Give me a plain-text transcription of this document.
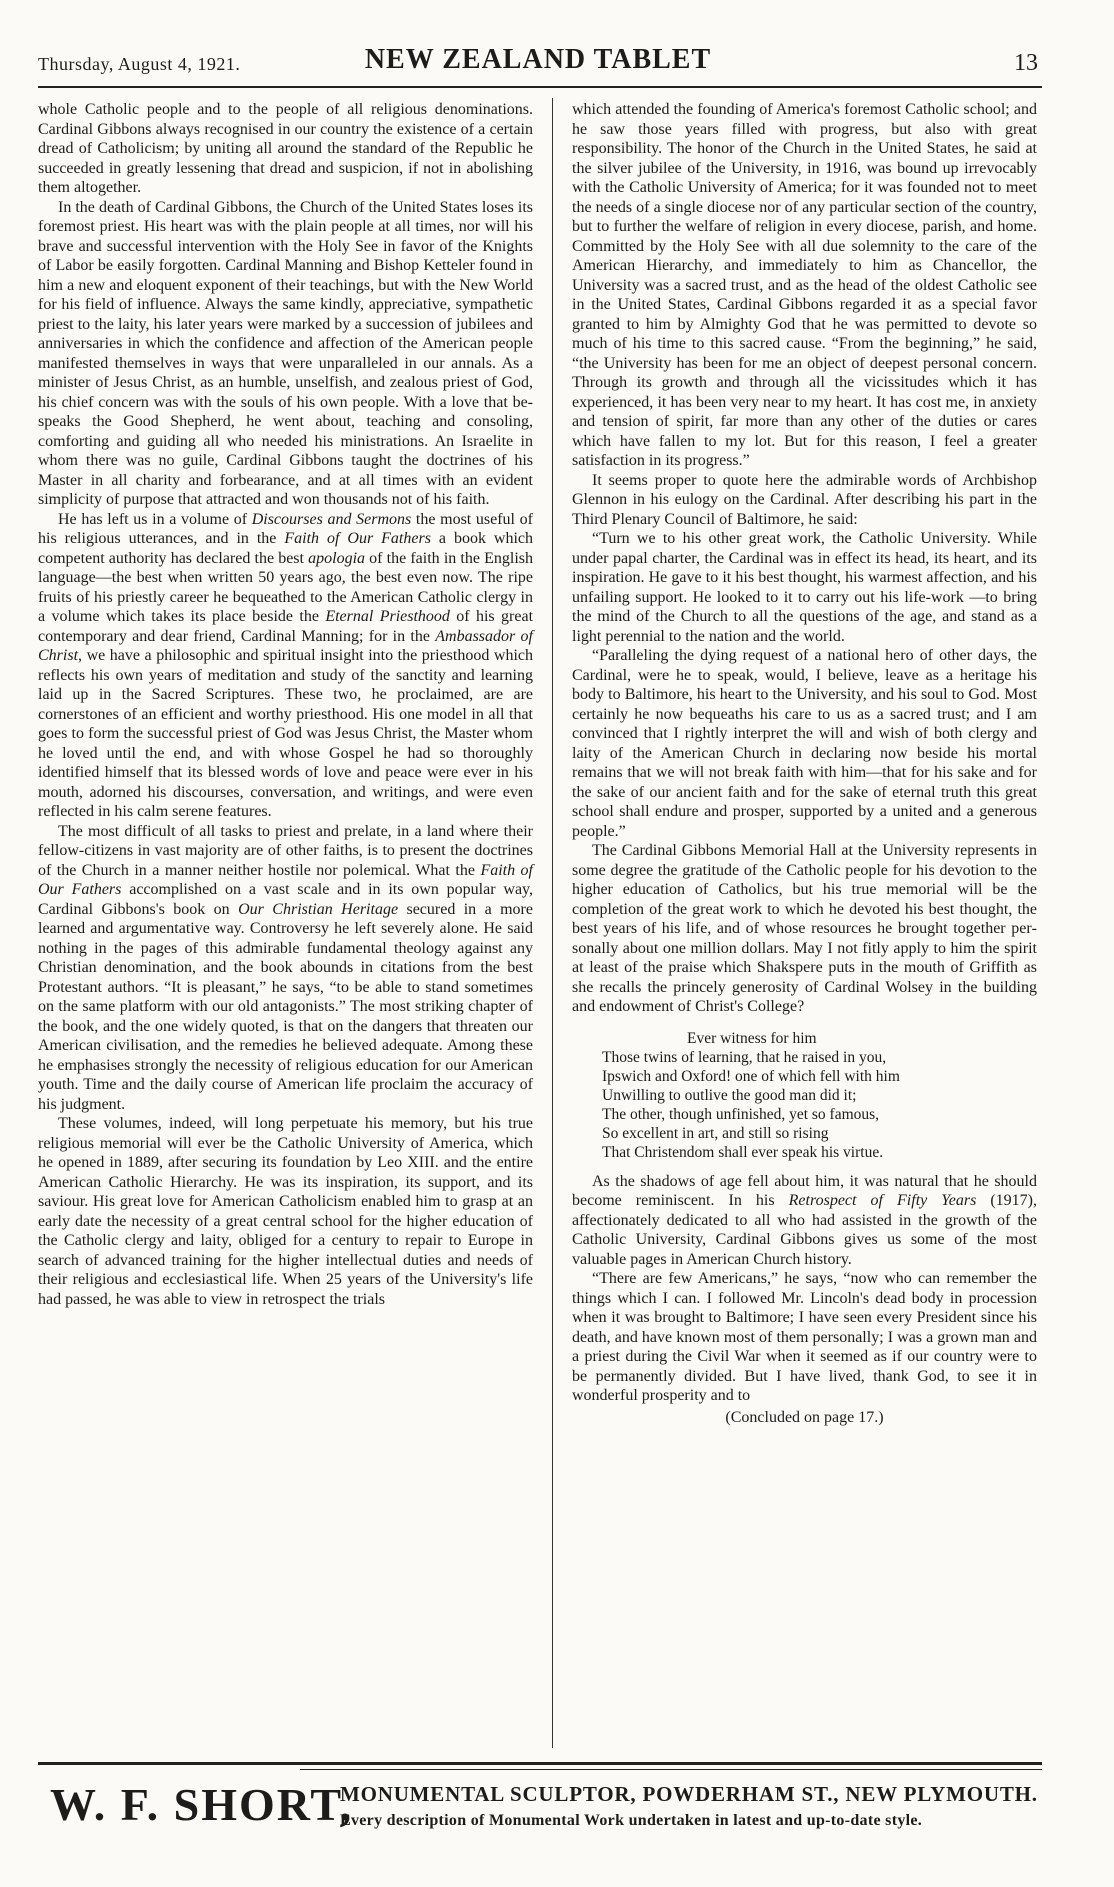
Thursday, August 4, 1921.	NEW ZEALAND TABLET	13

whole Catholic people and to the people of all religious denominations. Cardinal Gibbons always recognised in our country the existence of a certain dread of Catholicism; by uniting all around the standard of the Republic he succeeded in greatly lessening that dread and suspicion, if not in abolishing them altogether.

In the death of Cardinal Gibbons, the Church of the United States loses its foremost priest. His heart was with the plain people at all times, nor will his brave and successful intervention with the Holy See in favor of the Knights of Labor be easily forgotten. Cardinal Manning and Bishop Ketteler found in him a new and eloquent exponent of their teachings, but with the New World for his field of influence. Always the same kindly, appreciative, sympathetic priest to the laity, his later years were marked by a succession of jubilees and anniversaries in which the confidence and affection of the American people manifested themselves in ways that were unparalleled in our annals. As a minister of Jesus Christ, as an humble, unselfish, and zealous priest of God, his chief concern was with the souls of his own people. With a love that bespeaks the Good Shepherd, he went about, teaching and consoling, comforting and guiding all who needed his ministrations. An Israelite in whom there was no guile, Cardinal Gibbons taught the doctrines of his Master in all charity and forbearance, and at all times with an evident simplicity of purpose that attracted and won thousands not of his faith.

He has left us in a volume of Discourses and Sermons the most useful of his religious utterances, and in the Faith of Our Fathers a book which competent authority has declared the best apologia of the faith in the English language—the best when written 50 years ago, the best even now. The ripe fruits of his priestly career he bequeathed to the American Catholic clergy in a volume which takes its place beside the Eternal Priesthood of his great contemporary and dear friend, Cardinal Manning; for in the Ambassador of Christ, we have a philosophic and spiritual insight into the priesthood which reflects his own years of meditation and study of the sanctity and learning laid up in the Sacred Scriptures. These two, he proclaimed, are are cornerstones of an efficient and worthy priesthood. His one model in all that goes to form the successful priest of God was Jesus Christ, the Master whom he loved until the end, and with whose Gospel he had so thoroughly identified himself that its blessed words of love and peace were ever in his mouth, adorned his discourses, conversation, and writings, and were even reflected in his calm serene features.

The most difficult of all tasks to priest and prelate, in a land where their fellow-citizens in vast majority are of other faiths, is to present the doctrines of the Church in a manner neither hostile nor polemical. What the Faith of Our Fathers accomplished on a vast scale and in its own popular way, Cardinal Gibbons's book on Our Christian Heritage secured in a more learned and argumentative way. Controversy he left severely alone. He said nothing in the pages of this admirable fundamental theology against any Christian denomination, and the book abounds in citations from the best Protestant authors. “It is pleasant,” he says, “to be able to stand sometimes on the same platform with our old antagonists.” The most striking chapter of the book, and the one widely quoted, is that on the dangers that threaten our American civilisation, and the remedies he believed adequate. Among these he emphasises strongly the necessity of religious education for our American youth. Time and the daily course of American life proclaim the accuracy of his judgment.

These volumes, indeed, will long perpetuate his memory, but his true religious memorial will ever be the Catholic University of America, which he opened in 1889, after securing its foundation by Leo XIII. and the entire American Catholic Hierarchy. He was its inspiration, its support, and its saviour. His great love for American Catholicism enabled him to grasp at an early date the necessity of a great central school for the higher education of the Catholic clergy and laity, obliged for a century to repair to Europe in search of advanced training for the higher intellectual duties and needs of their religious and ecclesiastical life. When 25 years of the University's life had passed, he was able to view in retrospect the trials

which attended the founding of America's foremost Catholic school; and he saw those years filled with progress, but also with great responsibility. The honor of the Church in the United States, he said at the silver jubilee of the University, in 1916, was bound up irrevocably with the Catholic University of America; for it was founded not to meet the needs of a single diocese nor of any particular section of the country, but to further the welfare of religion in every diocese, parish, and home. Committed by the Holy See with all due solemnity to the care of the American Hierarchy, and immediately to him as Chancellor, the University was a sacred trust, and as the head of the oldest Catholic see in the United States, Cardinal Gibbons regarded it as a special favor granted to him by Almighty God that he was permitted to devote so much of his time to this sacred cause. “From the beginning,” he said, “the University has been for me an object of deepest personal concern. Through its growth and through all the vicissitudes which it has experienced, it has been very near to my heart. It has cost me, in anxiety and tension of spirit, far more than any other of the duties or cares which have fallen to my lot. But for this reason, I feel a greater satisfaction in its progress.”

It seems proper to quote here the admirable words of Archbishop Glennon in his eulogy on the Cardinal. After describing his part in the Third Plenary Council of Baltimore, he said:

“Turn we to his other great work, the Catholic University. While under papal charter, the Cardinal was in effect its head, its heart, and its inspiration. He gave to it his best thought, his warmest affection, and his unfailing support. He looked to it to carry out his life-work —to bring the mind of the Church to all the questions of the age, and stand as a light perennial to the nation and the world.

“Paralleling the dying request of a national hero of other days, the Cardinal, were he to speak, would, I believe, leave as a heritage his body to Baltimore, his heart to the University, and his soul to God. Most certainly he now bequeaths his care to us as a sacred trust; and I am convinced that I rightly interpret the will and wish of both clergy and laity of the American Church in declaring now beside his mortal remains that we will not break faith with him—that for his sake and for the sake of our ancient faith and for the sake of eternal truth this great school shall endure and prosper, supported by a united and a generous people.”

The Cardinal Gibbons Memorial Hall at the University represents in some degree the gratitude of the Catholic people for his devotion to the higher education of Catholics, but his true memorial will be the completion of the great work to which he devoted his best thought, the best years of his life, and of whose resources he brought together personally about one million dollars. May I not fitly apply to him the spirit at least of the praise which Shakspere puts in the mouth of Griffith as she recalls the princely generosity of Cardinal Wolsey in the building and endowment of Christ's College?

Ever witness for him
Those twins of learning, that he raised in you,
Ipswich and Oxford! one of which fell with him
Unwilling to outlive the good man did it;
The other, though unfinished, yet so famous,
So excellent in art, and still so rising
That Christendom shall ever speak his virtue.

As the shadows of age fell about him, it was natural that he should become reminiscent. In his Retrospect of Fifty Years (1917), affectionately dedicated to all who had assisted in the growth of the Catholic University, Cardinal Gibbons gives us some of the most valuable pages in American Church history.

“There are few Americans,” he says, “now who can remember the things which I can. I followed Mr. Lincoln's dead body in procession when it was brought to Baltimore; I have seen every President since his death, and have known most of them personally; I was a grown man and a priest during the Civil War when it seemed as if our country were to be permanently divided. But I have lived, thank God, to see it in wonderful prosperity and to

(Concluded on page 17.)
W. F. SHORT,
MONUMENTAL SCULPTOR, POWDERHAM ST., NEW PLYMOUTH.
Every description of Monumental Work undertaken in latest and up-to-date style.
